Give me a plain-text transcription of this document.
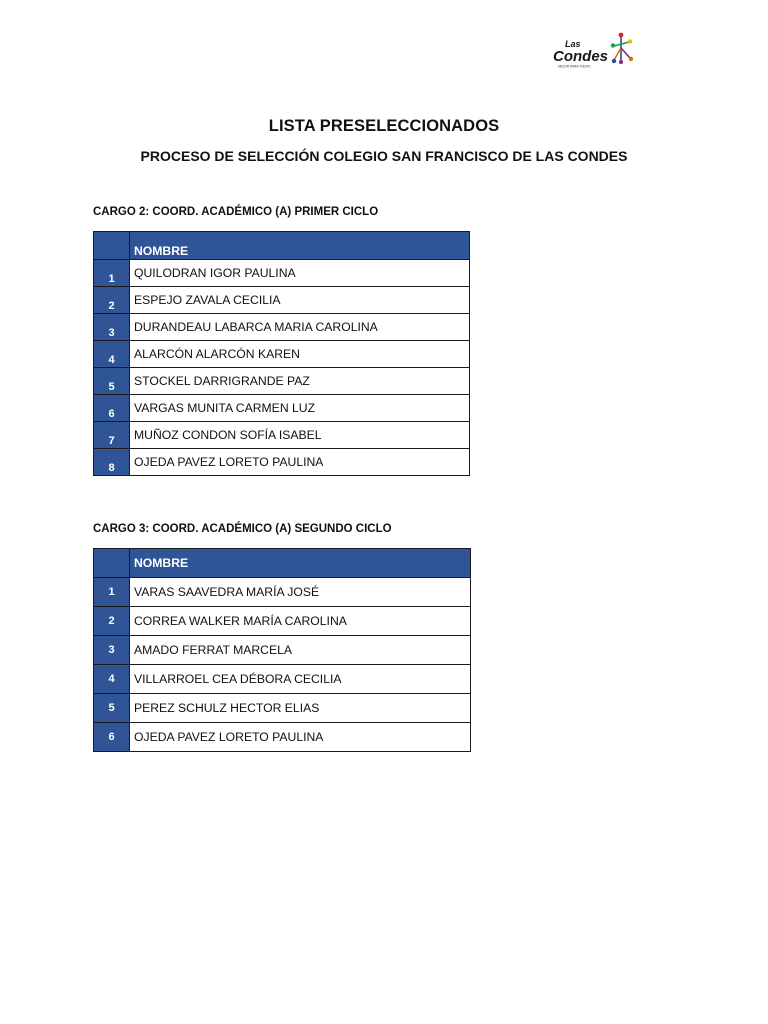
Las
Condes
MEJOR PARA TODOS
LISTA PRESELECCIONADOS
PROCESO DE SELECCIÓN COLEGIO SAN FRANCISCO DE LAS CONDES
CARGO 2: COORD. ACADÉMICO (A) PRIMER CICLO
	NOMBRE
1	QUILODRAN IGOR PAULINA
2	ESPEJO ZAVALA CECILIA
3	DURANDEAU LABARCA MARIA CAROLINA
4	ALARCÓN ALARCÓN KAREN
5	STOCKEL DARRIGRANDE PAZ
6	VARGAS MUNITA CARMEN LUZ
7	MUÑOZ CONDON SOFÍA ISABEL
8	OJEDA PAVEZ LORETO PAULINA
CARGO 3: COORD. ACADÉMICO (A) SEGUNDO CICLO
	NOMBRE
1	VARAS SAAVEDRA MARÍA JOSÉ
2	CORREA WALKER MARÍA CAROLINA
3	AMADO FERRAT MARCELA
4	VILLARROEL CEA DÉBORA CECILIA
5	PEREZ SCHULZ HECTOR ELIAS
6	OJEDA PAVEZ LORETO PAULINA
